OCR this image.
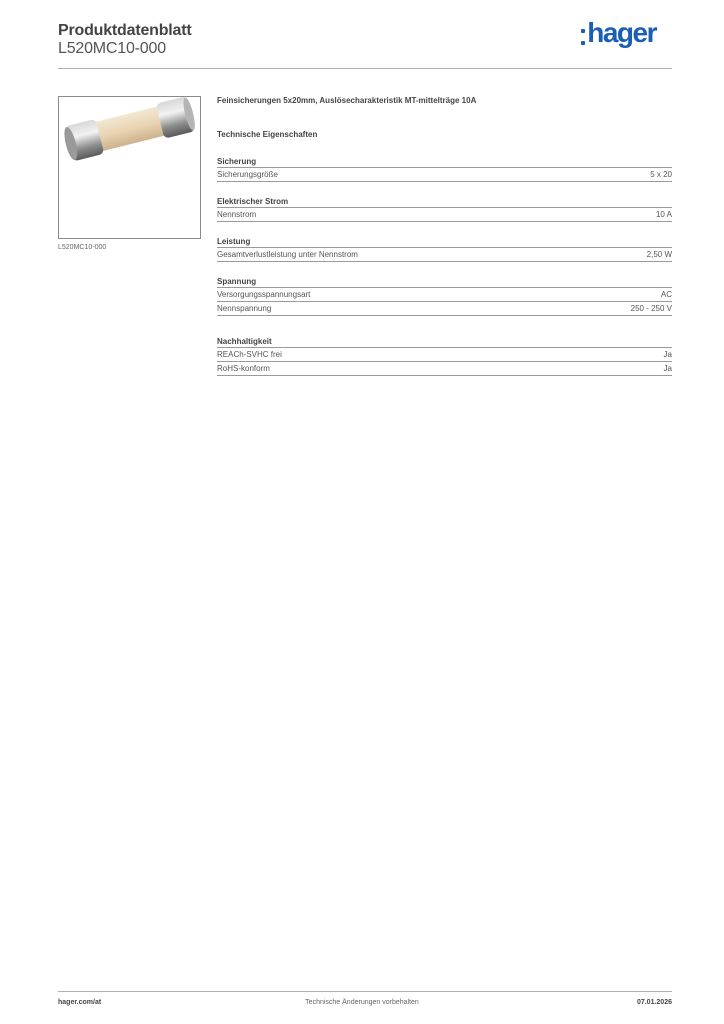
Produktdatenblatt
L520MC10-000
hager
L520MC10-000
Feinsicherungen 5x20mm, Auslösecharakteristik MT-mittelträge 10A
Technische Eigenschaften
Sicherung
Sicherungsgröße	5 x 20
Elektrischer Strom
Nennstrom	10 A
Leistung
Gesamtverlustleistung unter Nennstrom	2,50 W
Spannung
Versorgungsspannungsart	AC
Nennspannung	250 - 250 V
Nachhaltigkeit
REACh-SVHC frei	Ja
RoHS-konform	Ja
hager.com/at	Technische Änderungen vorbehalten	07.01.2026
